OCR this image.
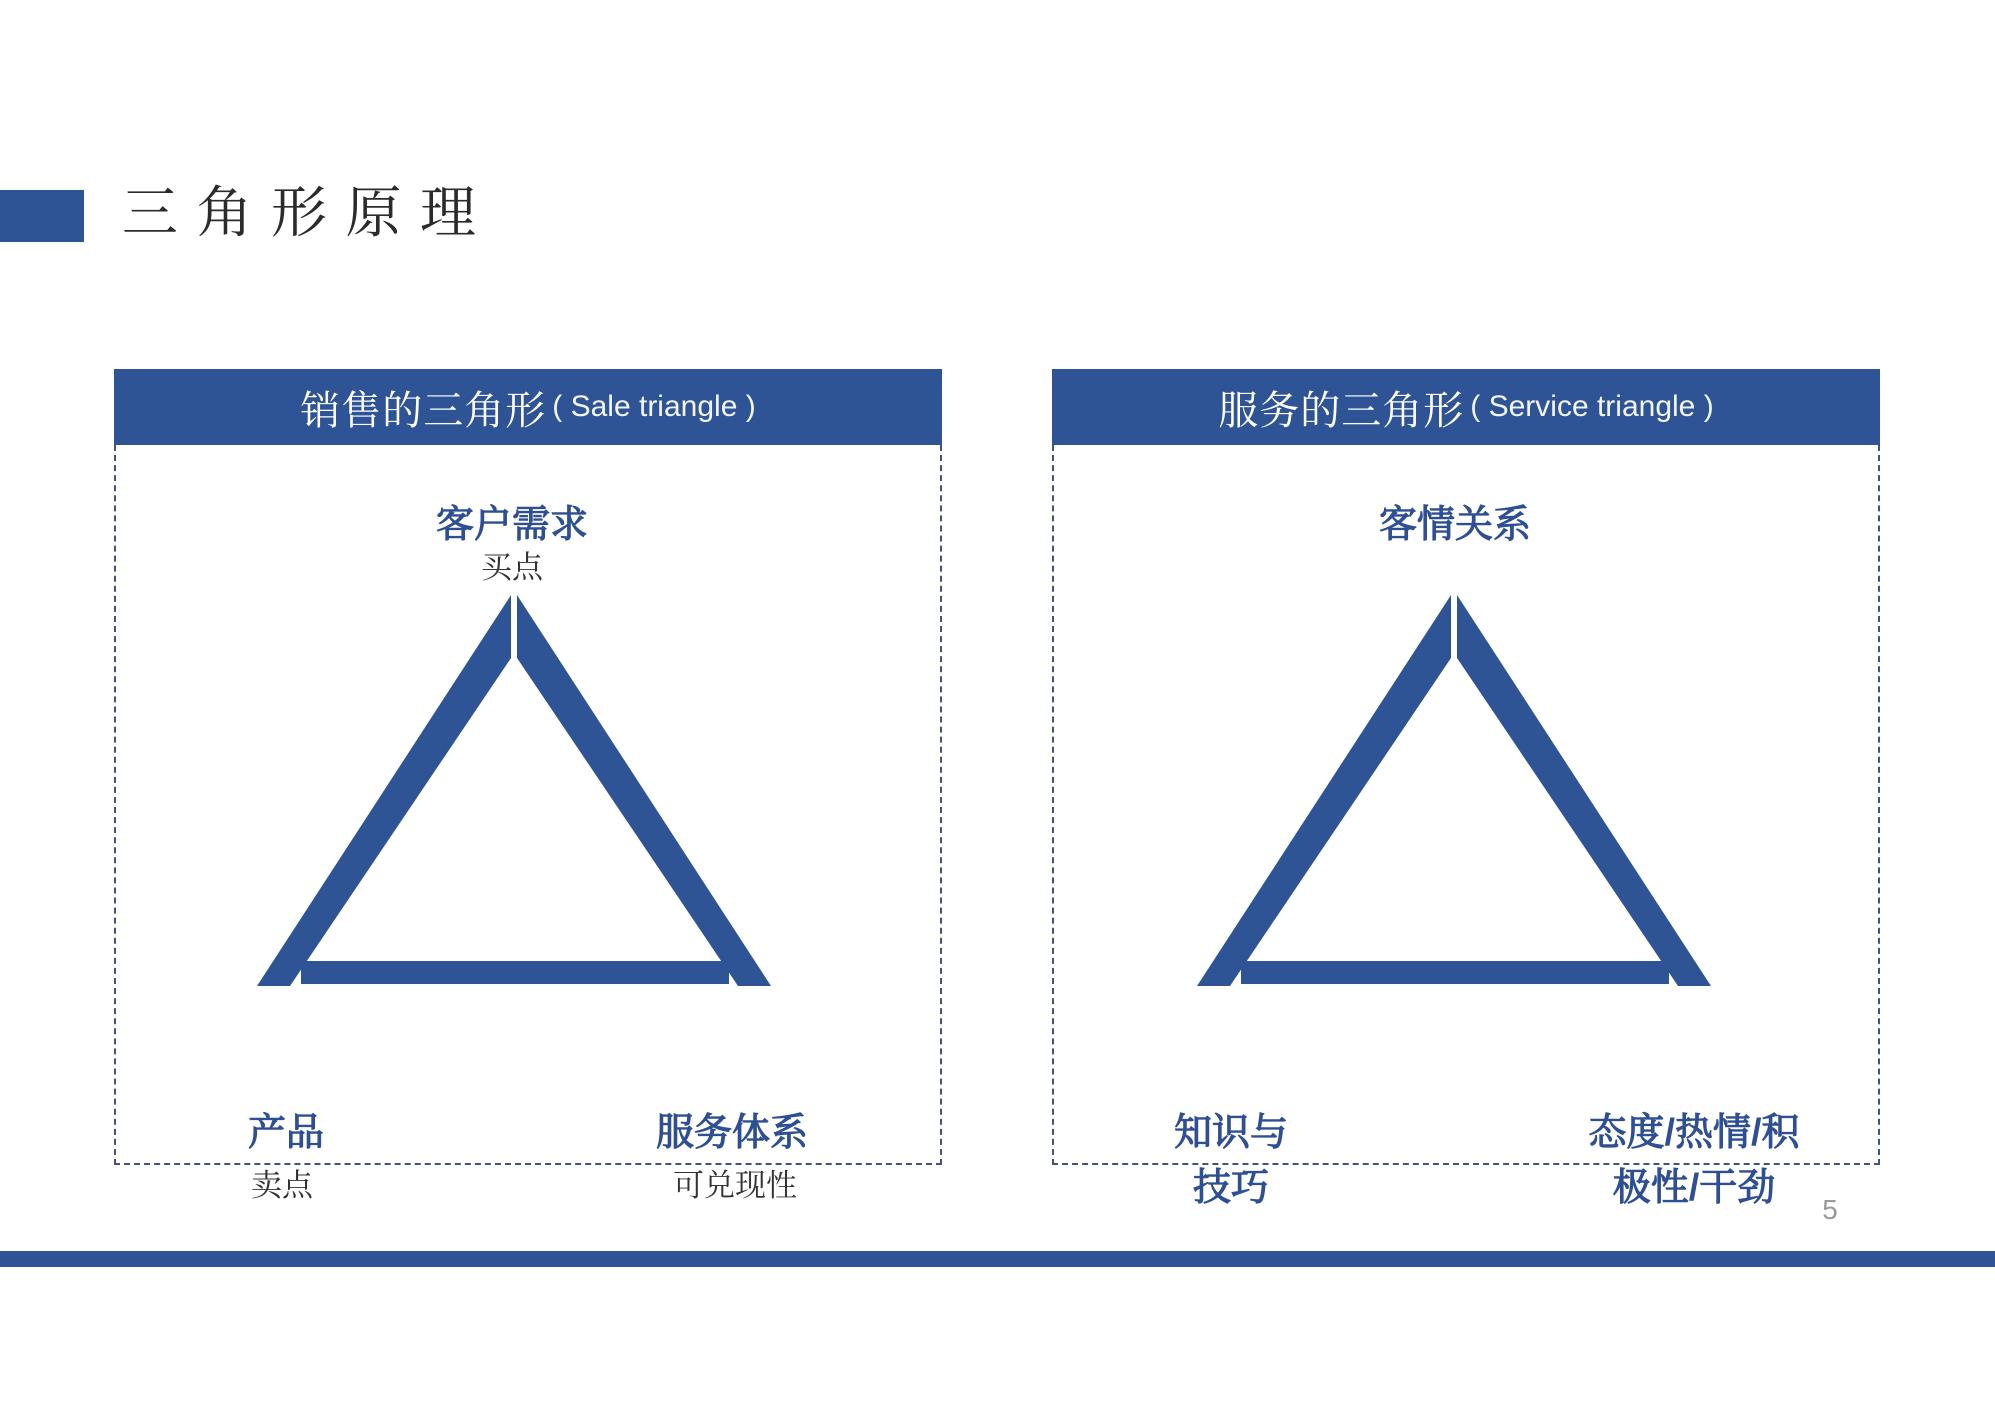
三角形原理
销售的三角形 ( Sale triangle )
客户需求
买点
产品
卖点
服务体系
可兑现性
服务的三角形 ( Service triangle )
客情关系
知识与
技巧
态度/热情/积
极性/干劲
5
